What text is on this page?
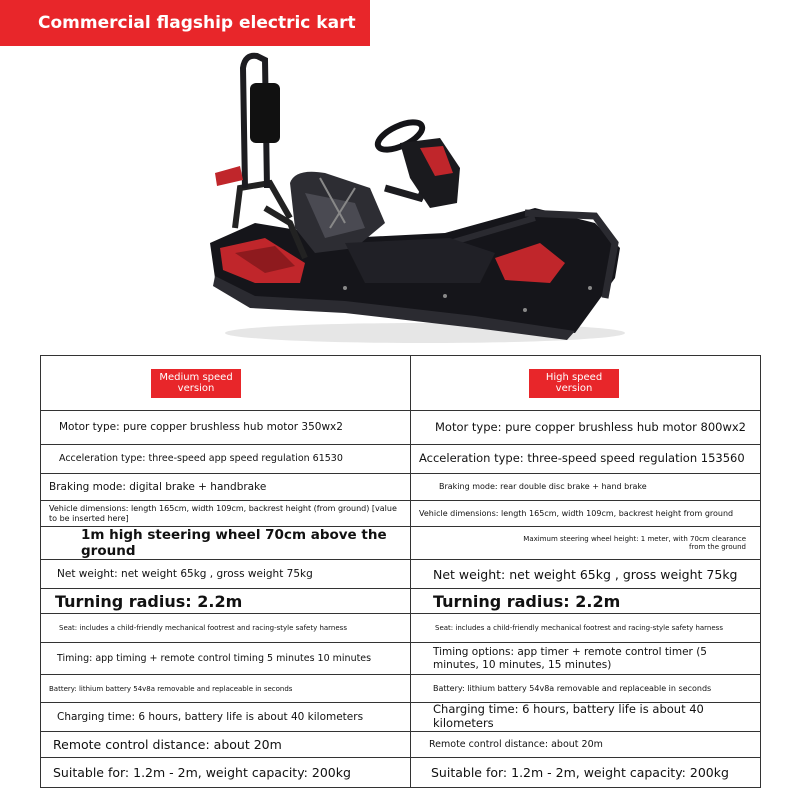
Commercial flagship electric kart
Medium speed version	High speed version
Motor type: pure copper brushless hub motor 350wx2	Motor type: pure copper brushless hub motor 800wx2
Acceleration type: three-speed app speed regulation 61530	Acceleration type: three-speed speed regulation 153560
Braking mode: digital brake + handbrake	Braking mode: rear double disc brake + hand brake
Vehicle dimensions: length 165cm, width 109cm, backrest height (from ground) [value to be inserted here]	Vehicle dimensions: length 165cm, width 109cm, backrest height from ground
1m high steering wheel 70cm above the ground	Maximum steering wheel height: 1 meter, with 70cm clearance from the ground
Net weight: net weight 65kg , gross weight 75kg	Net weight: net weight 65kg , gross weight 75kg
Turning radius: 2.2m	Turning radius: 2.2m
Seat: includes a child-friendly mechanical footrest and racing-style safety harness	Seat: includes a child-friendly mechanical footrest and racing-style safety harness
Timing: app timing + remote control timing 5 minutes 10 minutes	Timing options: app timer + remote control timer (5 minutes, 10 minutes, 15 minutes)
Battery: lithium battery 54v8a removable and replaceable in seconds	Battery: lithium battery 54v8a removable and replaceable in seconds
Charging time: 6 hours, battery life is about 40 kilometers	Charging time: 6 hours, battery life is about 40 kilometers
Remote control distance: about 20m	Remote control distance: about 20m
Suitable for: 1.2m - 2m, weight capacity: 200kg	Suitable for: 1.2m - 2m, weight capacity: 200kg
